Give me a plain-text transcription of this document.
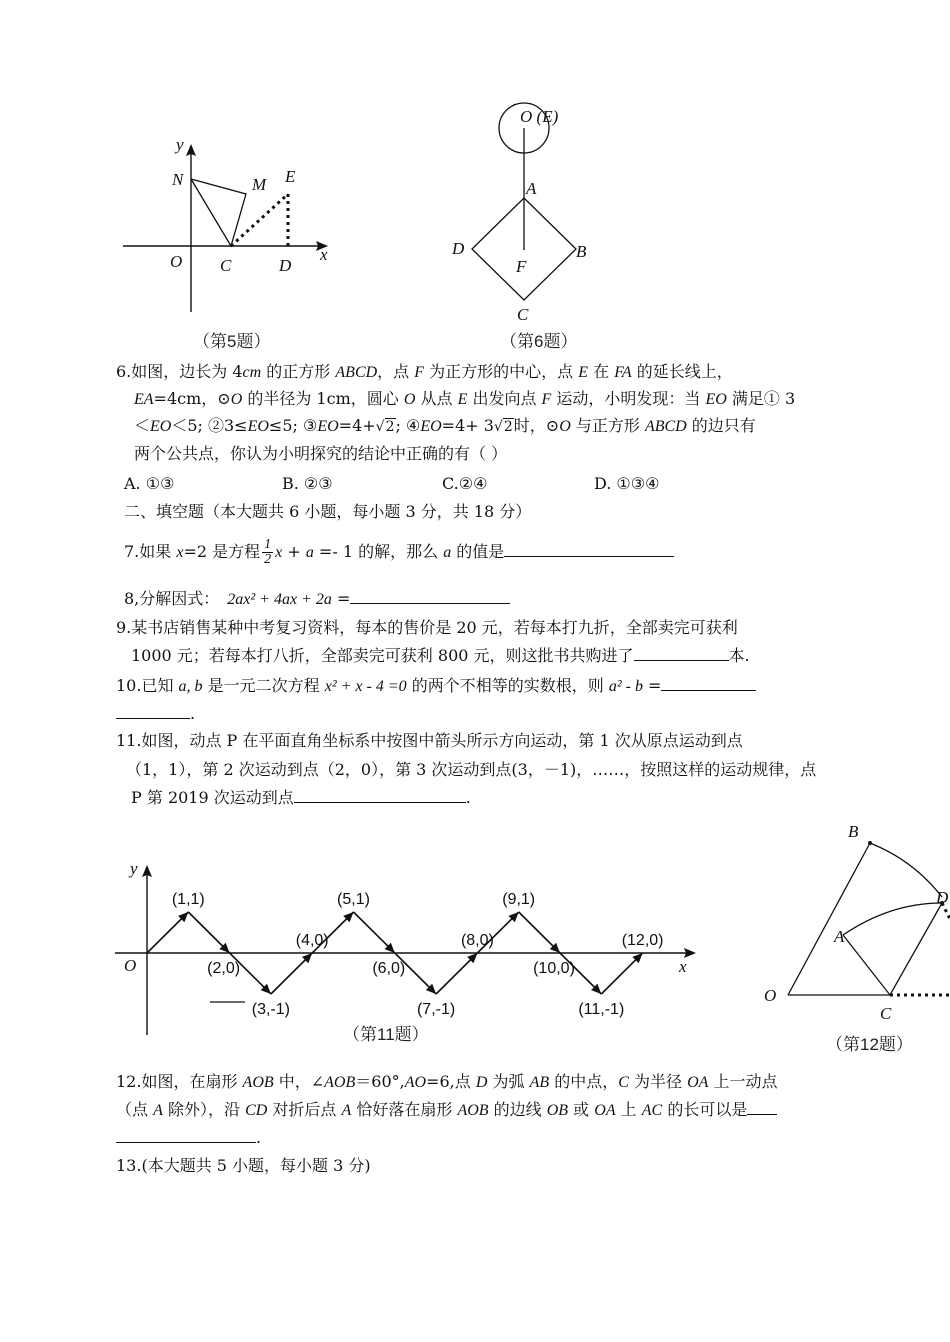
y
x
N	M E
O C	D
（第5题）
O (E)
A
D	B
F
C
（第6题）
6.如图，边长为 4cm 的正方形 ABCD，点 F 为正方形的中心，点 E 在 FA 的延长线上，
EA=4cm，⊙O 的半径为 1cm，圆心 O 从点 E 出发向点 F 运动，小明发现：当 EO 满足① 3
＜EO＜5; ②3≤EO≤5; ③EO=4+√2; ④EO=4+ 3√2时，⊙O 与正方形 ABCD 的边只有
两个公共点，你认为小明探究的结论中正确的有（ ）
A. ①③	B. ②③	C.②④	D. ①③④
二、填空题（本大题共 6 小题，每小题 3 分，共 18 分）
7.如果 x=2 是方程 $\frac{1}{2}$ x + a =- 1 的解，那么 a 的值是
8,分解因式： 2ax² + 4ax + 2a =
9.某书店销售某种中考复习资料，每本的售价是 20 元，若每本打九折，全部卖完可获利
1000 元；若每本打八折，全部卖完可获利 800 元，则这批书共购进了	本.
10.已知 a, b 是一元二次方程 x² + x - 4 =0 的两个不相等的实数根，则 a² - b =
.
11.如图，动点 P 在平面直角坐标系中按图中箭头所示方向运动，第 1 次从原点运动到点
（1，1），第 2 次运动到点（2，0），第 3 次运动到点(3，－1)，……，按照这样的运动规律，点
P 第 2019 次运动到点	.
(1,1)
(2,0)
(3,-1)
(4,0)
(5,1)
(6,0)
(7,-1)
(8,0)
(9,1)
(10,0)
(11,-1)
(12,0)
y
x
O
（第11题）
B
A
D
O
C
（第12题）
12.如图，在扇形 AOB 中，∠AOB＝60°,AO=6,点 D 为弧 AB 的中点，C 为半径 OA 上一动点
（点 A 除外），沿 CD 对折后点 A 恰好落在扇形 AOB 的边线 OB 或 OA 上 AC 的长可以是
.
13.(本大题共 5 小题，每小题 3 分)
